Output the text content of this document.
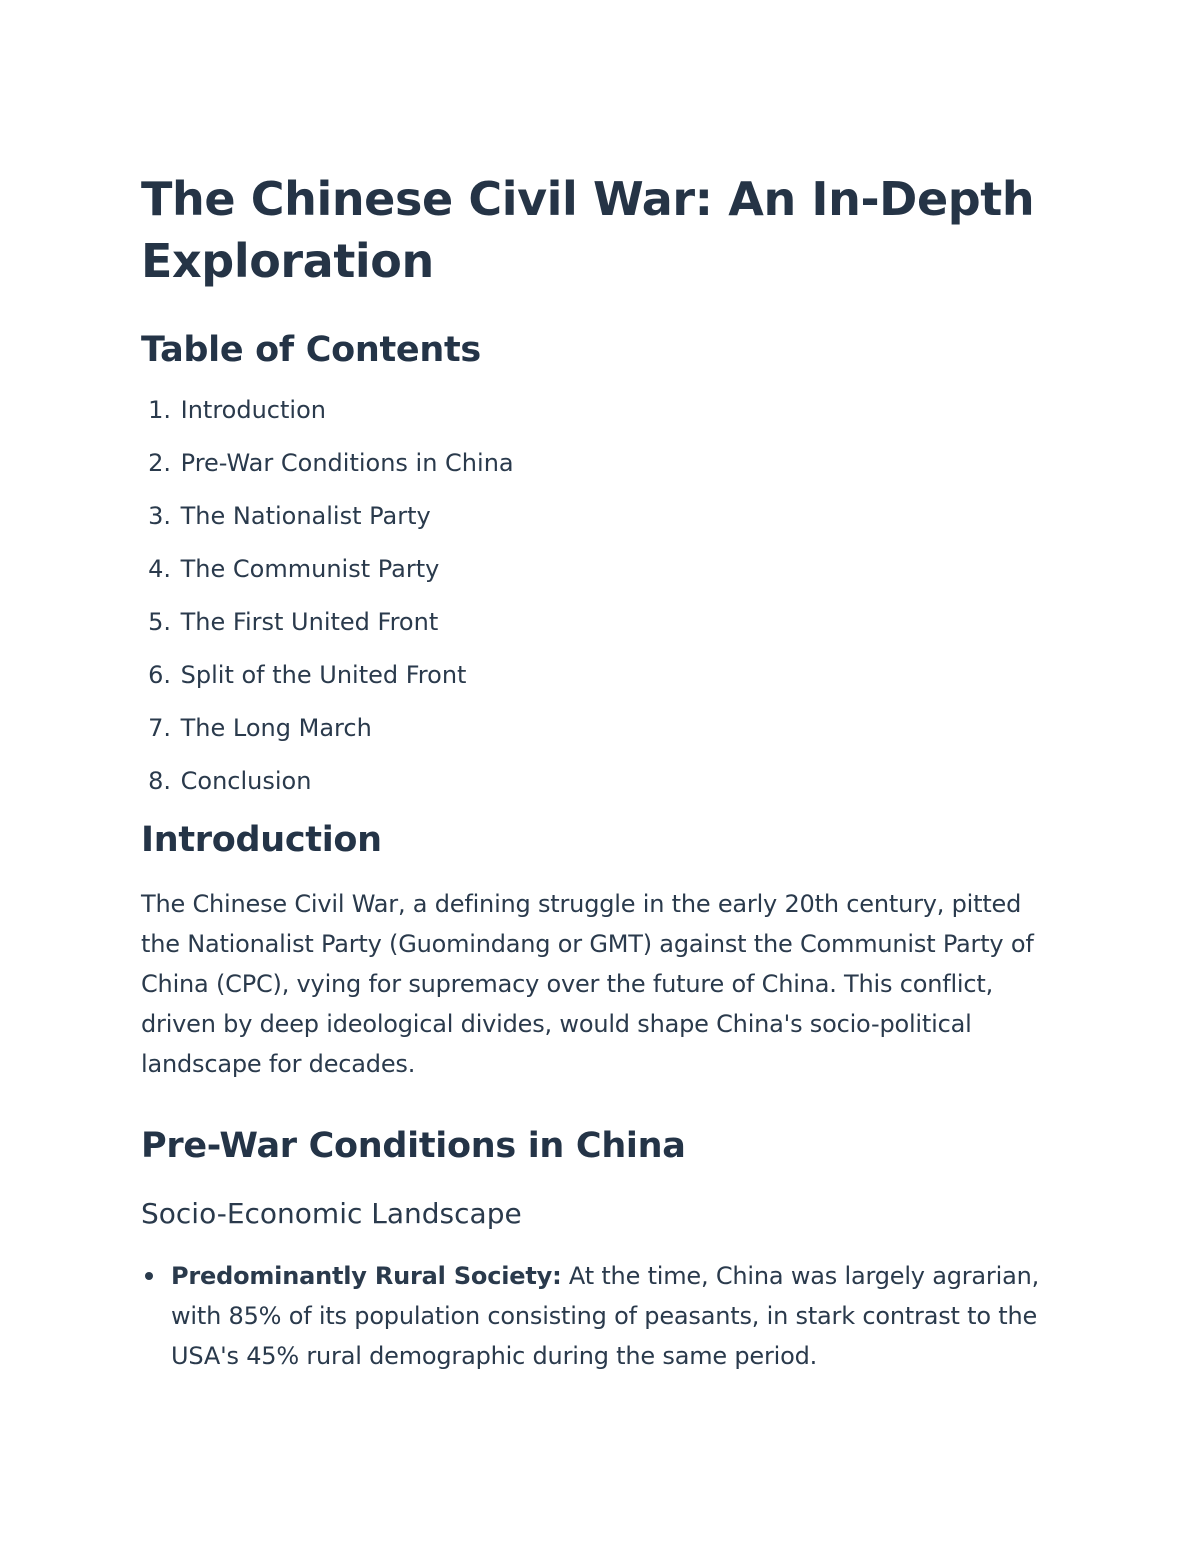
The Chinese Civil War: An In-Depth Exploration
Table of Contents
1. Introduction
2. Pre-War Conditions in China
3. The Nationalist Party
4. The Communist Party
5. The First United Front
6. Split of the United Front
7. The Long March
8. Conclusion
Introduction

The Chinese Civil War, a defining struggle in the early 20th century, pitted the Nationalist Party (Guomindang or GMT) against the Communist Party of China (CPC), vying for supremacy over the future of China. This conflict, driven by deep ideological divides, would shape China's socio-political landscape for decades.

Pre-War Conditions in China
Socio-Economic Landscape
Predominantly Rural Society: At the time, China was largely agrarian, with 85% of its population consisting of peasants, in stark contrast to the USA's 45% rural demographic during the same period.
